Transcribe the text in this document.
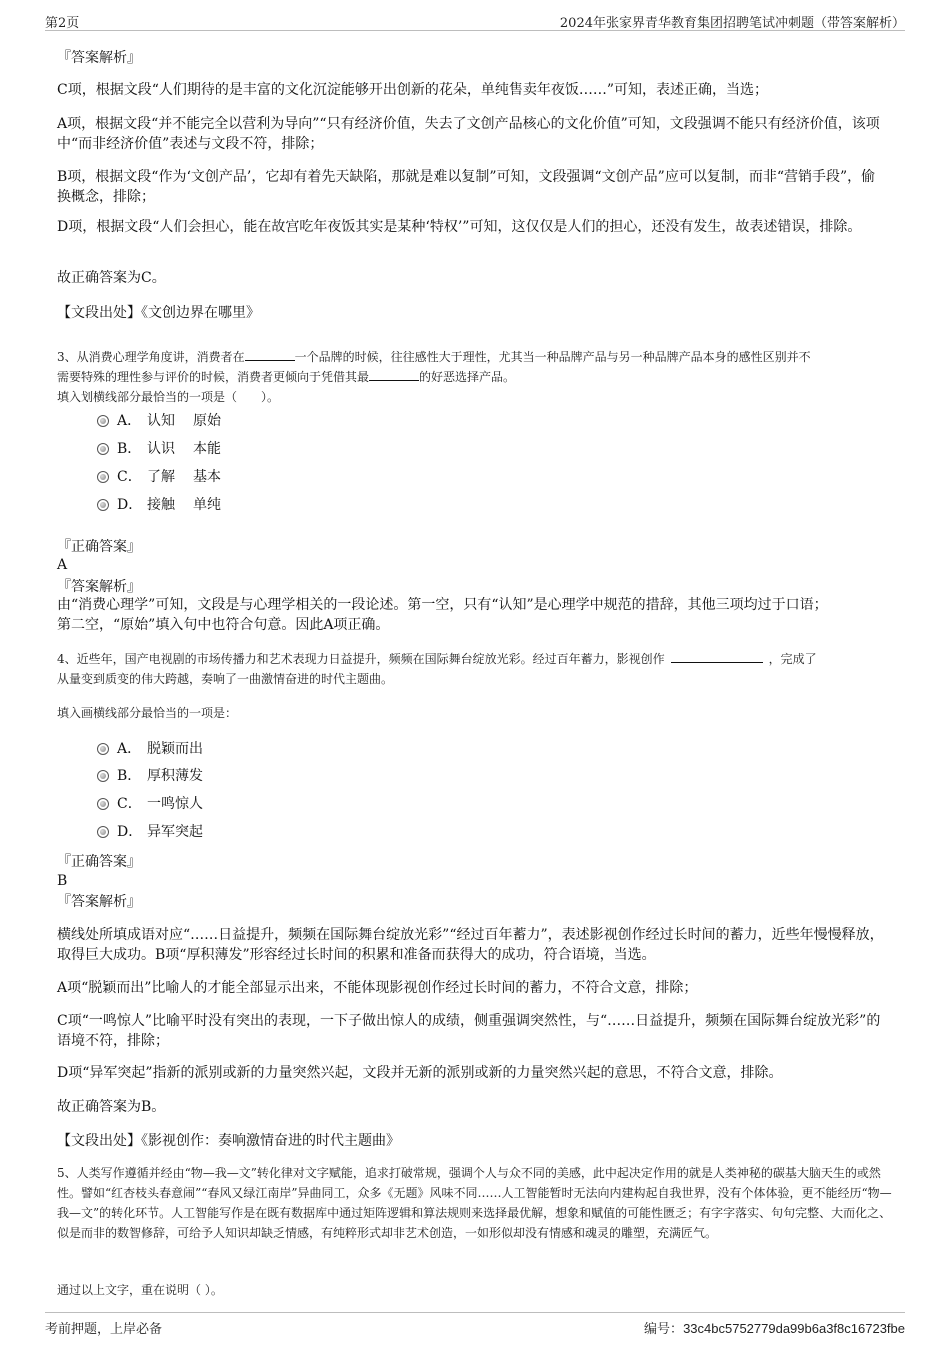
第2页	2024年张家界青华教育集团招聘笔试冲刺题（带答案解析）
『答案解析』
C项，根据文段“人们期待的是丰富的文化沉淀能够开出创新的花朵，单纯售卖年夜饭……”可知，表述正确，当选；
A项，根据文段“并不能完全以营利为导向”“只有经济价值，失去了文创产品核心的文化价值”可知，文段强调不能只有经济价值，该项中“而非经济价值”表述与文段不符，排除；
B项，根据文段“作为‘文创产品’，它却有着先天缺陷，那就是难以复制”可知，文段强调“文创产品”应可以复制，而非“营销手段”，偷换概念，排除；
D项，根据文段“人们会担心，能在故宫吃年夜饭其实是某种‘特权’”可知，这仅仅是人们的担心，还没有发生，故表述错误，排除。
故正确答案为C。
【文段出处】《文创边界在哪里》
3、从消费心理学角度讲，消费者在	一个品牌的时候，往往感性大于理性，尤其当一种品牌产品与另一种品牌产品本身的感性区别并不
需要特殊的理性参与评价的时候，消费者更倾向于凭借其最	的好恶选择产品。
填入划横线部分最恰当的一项是（　　）。
A． 认知 原始
B． 认识 本能
C． 了解 基本
D． 接触 单纯
『正确答案』
A
『答案解析』
由“消费心理学”可知，文段是与心理学相关的一段论述。第一空，只有“认知”是心理学中规范的措辞，其他三项均过于口语；
第二空，“原始”填入句中也符合句意。因此A项正确。
4、近些年，国产电视剧的市场传播力和艺术表现力日益提升，频频在国际舞台绽放光彩。经过百年蓄力，影视创作	，完成了
从量变到质变的伟大跨越，奏响了一曲激情奋进的时代主题曲。
填入画横线部分最恰当的一项是：
A． 脱颖而出
B． 厚积薄发
C． 一鸣惊人
D． 异军突起
『正确答案』
B
『答案解析』
横线处所填成语对应“……日益提升，频频在国际舞台绽放光彩”“经过百年蓄力”，表述影视创作经过长时间的蓄力，近些年慢慢释放，取得巨大成功。B项“厚积薄发”形容经过长时间的积累和准备而获得大的成功，符合语境，当选。
A项“脱颖而出”比喻人的才能全部显示出来，不能体现影视创作经过长时间的蓄力，不符合文意，排除；
C项“一鸣惊人”比喻平时没有突出的表现，一下子做出惊人的成绩，侧重强调突然性，与“……日益提升，频频在国际舞台绽放光彩”的语境不符，排除；
D项“异军突起”指新的派别或新的力量突然兴起，文段并无新的派别或新的力量突然兴起的意思，不符合文意，排除。
故正确答案为B。
【文段出处】《影视创作：奏响激情奋进的时代主题曲》
5、人类写作遵循并经由“物—我—文”转化律对文字赋能，追求打破常规，强调个人与众不同的美感，此中起决定作用的就是人类神秘的碳基大脑天生的或然性。譬如“红杏枝头春意闹”“春风又绿江南岸”异曲同工，众多《无题》风味不同……人工智能暂时无法向内建构起自我世界，没有个体体验，更不能经历“物—我—文”的转化环节。人工智能写作是在既有数据库中通过矩阵逻辑和算法规则来选择最优解，想象和赋值的可能性匮乏；有字字落实、句句完整、大而化之、似是而非的数智修辞，可给予人知识却缺乏情感，有纯粹形式却非艺术创造，一如形似却没有情感和魂灵的雕塑，充满匠气。
通过以上文字，重在说明（ ）。
考前押题，上岸必备	编号：33c4bc5752779da99b6a3f8c16723fbe
